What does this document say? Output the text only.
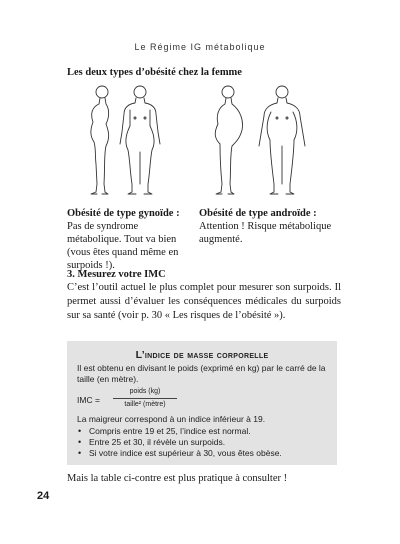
Le Régime IG métabolique
Les deux types d’obésité chez la femme
Obésité de type gynoïde :
Pas de syndrome métabolique. Tout va bien (vous êtes quand même en surpoids !).
Obésité de type androïde :
Attention ! Risque métabolique augmenté.
3. Mesurez votre IMC
C’est l’outil actuel le plus complet pour mesurer son surpoids. Il permet aussi d’évaluer les conséquences médicales du surpoids sur sa santé (voir p. 30 « Les risques de l’obésité »).
L’indice de masse corporelle
Il est obtenu en divisant le poids (exprimé en kg) par le carré de la taille (en mètre).
IMC =
poids (kg)
taille² (mètre)
La maigreur correspond à un indice inférieur à 19.
• Compris entre 19 et 25, l’indice est normal.
• Entre 25 et 30, il révèle un surpoids.
• Si votre indice est supérieur à 30, vous êtes obèse.
Mais la table ci-contre est plus pratique à consulter !
24
